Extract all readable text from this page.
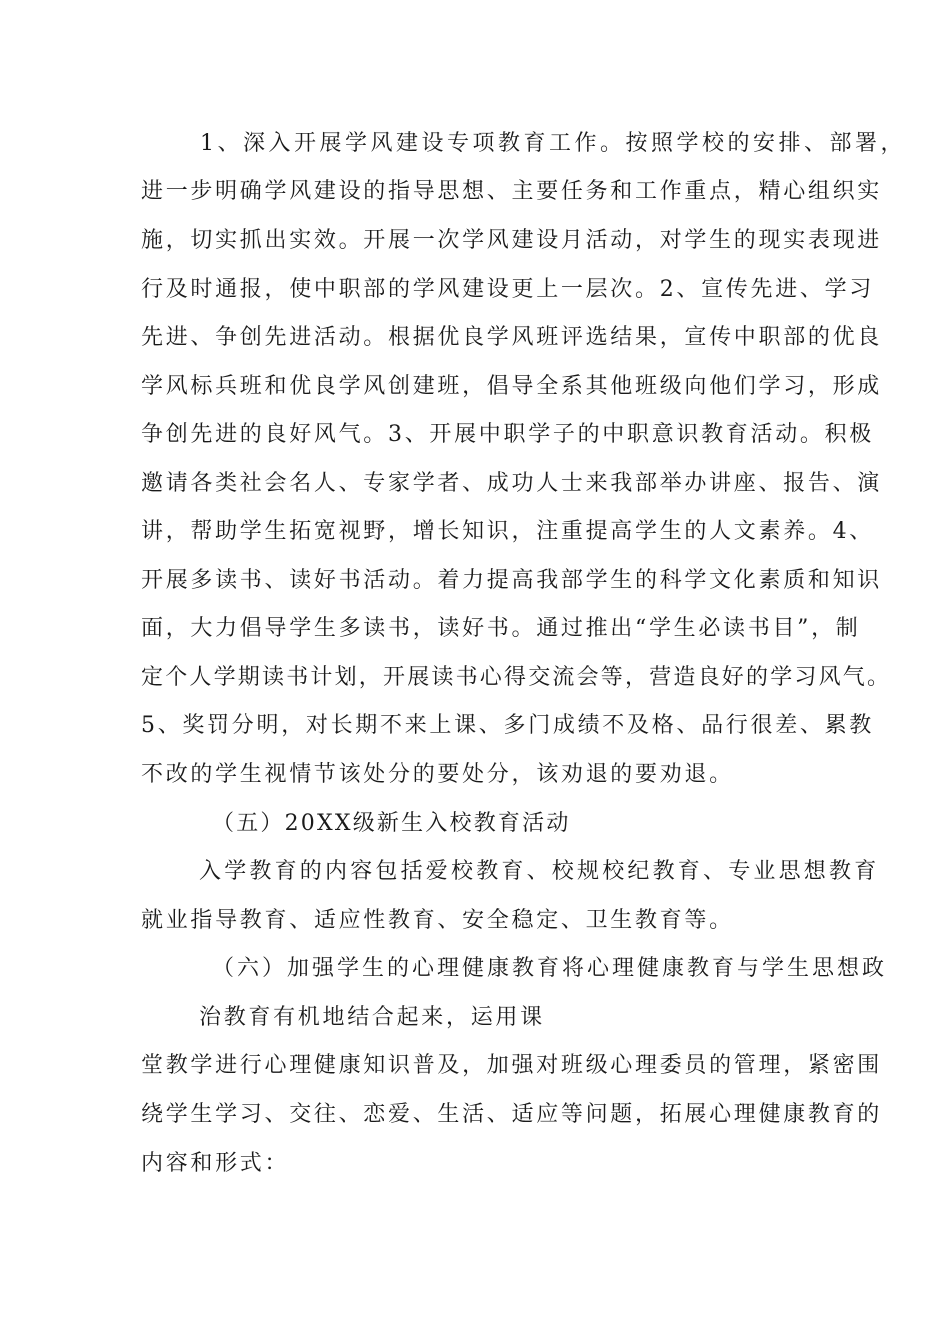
1、深入开展学风建设专项教育工作。按照学校的安排、部署，
进一步明确学风建设的指导思想、主要任务和工作重点，精心组织实
施，切实抓出实效。开展一次学风建设月活动，对学生的现实表现进
行及时通报，使中职部的学风建设更上一层次。2、宣传先进、学习
先进、争创先进活动。根据优良学风班评选结果，宣传中职部的优良
学风标兵班和优良学风创建班，倡导全系其他班级向他们学习，形成
争创先进的良好风气。3、开展中职学子的中职意识教育活动。积极
邀请各类社会名人、专家学者、成功人士来我部举办讲座、报告、演
讲，帮助学生拓宽视野，增长知识，注重提高学生的人文素养。4、
开展多读书、读好书活动。着力提高我部学生的科学文化素质和知识
面，大力倡导学生多读书，读好书。通过推出“学生必读书目”，制
定个人学期读书计划，开展读书心得交流会等，营造良好的学习风气。
5、奖罚分明，对长期不来上课、多门成绩不及格、品行很差、累教
不改的学生视情节该处分的要处分，该劝退的要劝退。
（五）20XX级新生入校教育活动
入学教育的内容包括爱校教育、校规校纪教育、专业思想教育
就业指导教育、适应性教育、安全稳定、卫生教育等。
（六）加强学生的心理健康教育将心理健康教育与学生思想政
治教育有机地结合起来，运用课
堂教学进行心理健康知识普及，加强对班级心理委员的管理，紧密围
绕学生学习、交往、恋爱、生活、适应等问题，拓展心理健康教育的
内容和形式：
